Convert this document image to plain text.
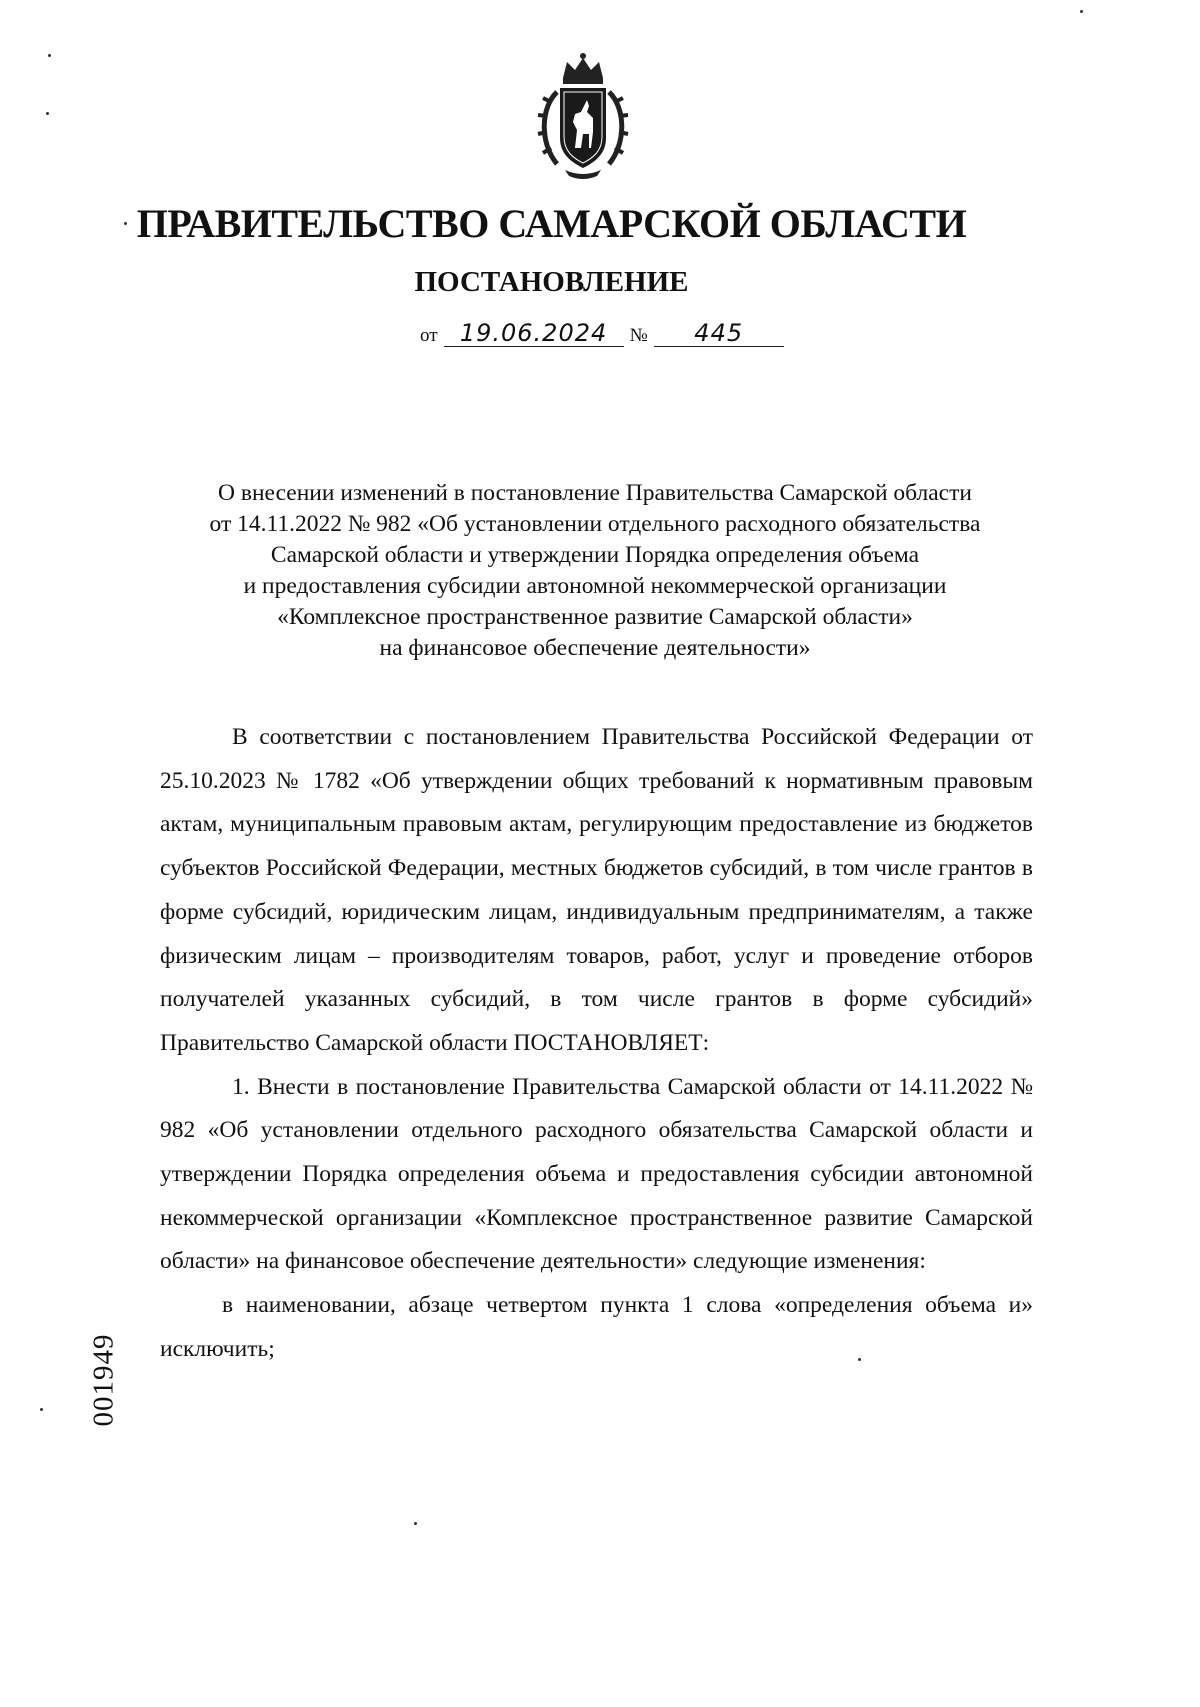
ПРАВИТЕЛЬСТВО САМАРСКОЙ ОБЛАСТИ
ПОСТАНОВЛЕНИЕ
от 19.06.2024	№	445
О внесении изменений в постановление Правительства Самарской области
от 14.11.2022 № 982 «Об установлении отдельного расходного обязательства
Самарской области и утверждении Порядка определения объема
и предоставления субсидии автономной некоммерческой организации
«Комплексное пространственное развитие Самарской области»
на финансовое обеспечение деятельности»

В соответствии с постановлением Правительства Российской Федерации от 25.10.2023 № 1782 «Об утверждении общих требований к нормативным правовым актам, муниципальным правовым актам, регулирующим предоставление из бюджетов субъектов Российской Федерации, местных бюджетов субсидий, в том числе грантов в форме субсидий, юридическим лицам, индивидуальным предпринимателям, а также физическим лицам – производителям товаров, работ, услуг и проведение отборов получателей указанных субсидий, в том числе грантов в форме субсидий» Правительство Самарской области ПОСТАНОВЛЯЕТ:

1. Внести в постановление Правительства Самарской области от 14.11.2022 № 982 «Об установлении отдельного расходного обязательства Самарской области и утверждении Порядка определения объема и предоставления субсидии автономной некоммерческой организации «Комплексное пространственное развитие Самарской области» на финансовое обеспечение деятельности» следующие изменения:

в наименовании, абзаце четвертом пункта 1 слова «определения объема и» исключить;

001949
